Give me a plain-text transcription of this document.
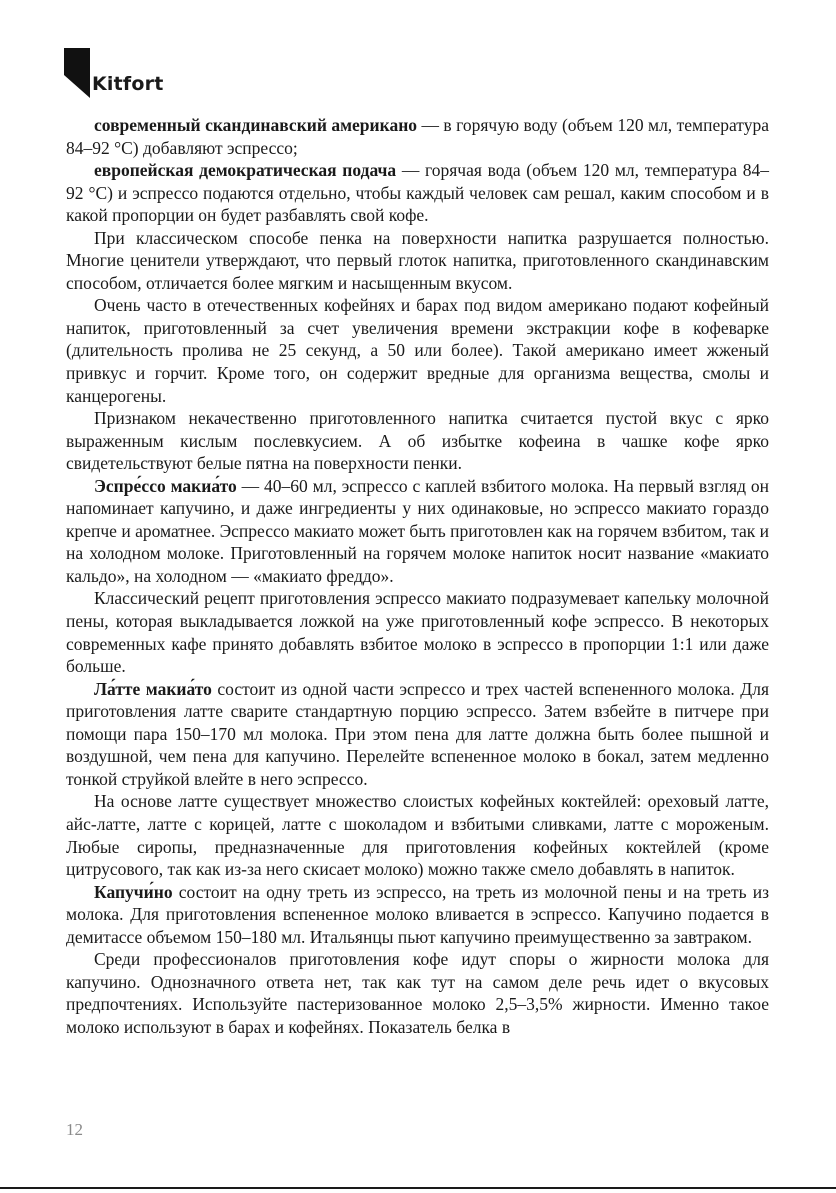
Kitfort

современный скандинавский американо — в горячую воду (объем 120 мл, температура 84–92 °С) добавляют эспрессо;

европейская демократическая подача — горячая вода (объем 120 мл, температура 84–92 °С) и эспрессо подаются отдельно, чтобы каждый человек сам решал, каким способом и в какой пропорции он будет разбавлять свой кофе.

При классическом способе пенка на поверхности напитка разрушается полностью. Многие ценители утверждают, что первый глоток напитка, приготовленного скандинавским способом, отличается более мягким и насыщенным вкусом.

Очень часто в отечественных кофейнях и барах под видом американо подают кофейный напиток, приготовленный за счет увеличения времени экстракции кофе в кофеварке (длительность пролива не 25 секунд, а 50 или более). Такой американо имеет жженый привкус и горчит. Кроме того, он содержит вредные для организма вещества, смолы и канцерогены.

Признаком некачественно приготовленного напитка считается пустой вкус с ярко выраженным кислым послевкусием. А об избытке кофеина в чашке кофе ярко свидетельствуют белые пятна на поверхности пенки.

Эспре́ссо макиа́то — 40–60 мл, эспрессо с каплей взбитого молока. На первый взгляд он напоминает капучино, и даже ингредиенты у них одинаковые, но эспрессо макиато гораздо крепче и ароматнее. Эспрессо макиато может быть приготовлен как на горячем взбитом, так и на холодном молоке. Приготовленный на горячем молоке напиток носит название «макиато кальдо», на холодном — «макиато фреддо».

Классический рецепт приготовления эспрессо макиато подразумевает капельку молочной пены, которая выкладывается ложкой на уже приготовленный кофе эспрессо. В некоторых современных кафе принято добавлять взбитое молоко в эспрессо в пропорции 1:1 или даже больше.

Ла́тте макиа́то состоит из одной части эспрессо и трех частей вспененного молока. Для приготовления латте сварите стандартную порцию эспрессо. Затем взбейте в питчере при помощи пара 150–170 мл молока. При этом пена для латте должна быть более пышной и воздушной, чем пена для капучино. Перелейте вспененное молоко в бокал, затем медленно тонкой струйкой влейте в него эспрессо.

На основе латте существует множество слоистых кофейных коктейлей: ореховый латте, айс-латте, латте с корицей, латте с шоколадом и взбитыми сливками, латте с мороженым. Любые сиропы, предназначенные для приготовления кофейных коктейлей (кроме цитрусового, так как из-за него скисает молоко) можно также смело добавлять в напиток.

Капучи́но состоит на одну треть из эспрессо, на треть из молочной пены и на треть из молока. Для приготовления вспененное молоко вливается в эспрессо. Капучино подается в демитассе объемом 150–180 мл. Итальянцы пьют капучино преимущественно за завтраком.

Среди профессионалов приготовления кофе идут споры о жирности молока для капучино. Однозначного ответа нет, так как тут на самом деле речь идет о вкусовых предпочтениях. Используйте пастеризованное молоко 2,5–3,5% жирности. Именно такое молоко используют в барах и кофейнях. Показатель белка в

12
